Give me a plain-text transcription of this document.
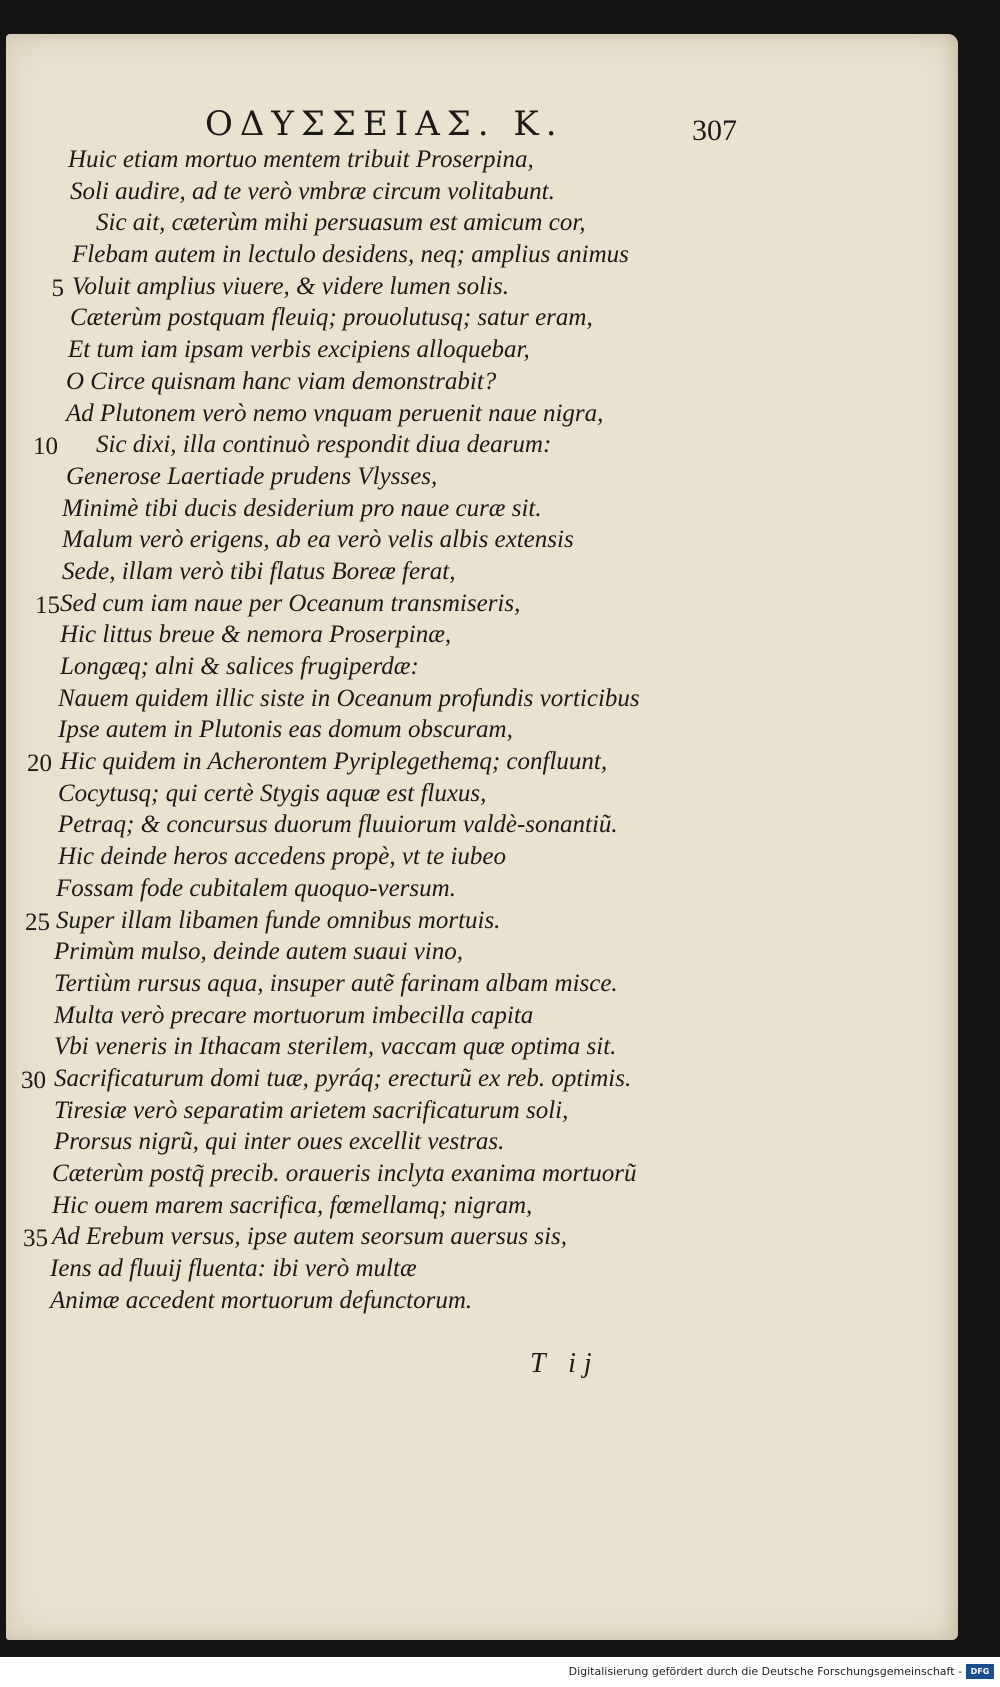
ΟΔΥΣΣΕΙΑΣ. Κ.	307
Huic etiam mortuo mentem tribuit Proserpina,
Soli audire, ad te verò vmbræ circum volitabunt.
Sic ait, cæterùm mihi persuasum est amicum cor,
Flebam autem in lectulo desidens, neq; amplius animus
5 Voluit amplius viuere, & videre lumen solis.
Cæterùm postquam fleuiq; prouolutusq; satur eram,
Et tum iam ipsam verbis excipiens alloquebar,
O Circe quisnam hanc viam demonstrabit?
Ad Plutonem verò nemo vnquam peruenit naue nigra,
10 Sic dixi, illa continuò respondit diua dearum:
Generose Laertiade prudens Vlysses,
Minimè tibi ducis desiderium pro naue curæ sit.
Malum verò erigens, ab ea verò velis albis extensis
Sede, illam verò tibi flatus Boreæ ferat,
15 Sed cum iam naue per Oceanum transmiseris,
Hic littus breue & nemora Proserpinæ,
Longæq; alni & salices frugiperdæ:
Nauem quidem illic siste in Oceanum profundis vorticibus
Ipse autem in Plutonis eas domum obscuram,
20 Hic quidem in Acherontem Pyriplegethemq; confluunt,
Cocytusq; qui certè Stygis aquæ est fluxus,
Petraq; & concursus duorum fluuiorum valdè-sonantiũ.
Hic deinde heros accedens propè, vt te iubeo
Fossam fode cubitalem quoquo-versum.
25 Super illam libamen funde omnibus mortuis.
Primùm mulso, deinde autem suaui vino,
Tertiùm rursus aqua, insuper autẽ farinam albam misce.
Multa verò precare mortuorum imbecilla capita
Vbi veneris in Ithacam sterilem, vaccam quæ optima sit.
30 Sacrificaturum domi tuæ, pyráq; erecturũ ex reb. optimis.
Tiresiæ verò separatim arietem sacrificaturum soli,
Prorsus nigrũ, qui inter oues excellit vestras.
Cæterùm postq̃ precib. oraueris inclyta exanima mortuorũ
Hic ouem marem sacrifica, fœmellamq; nigram,
35 Ad Erebum versus, ipse autem seorsum auersus sis,
Iens ad fluuij fluenta: ibi verò multæ
Animæ accedent mortuorum defunctorum.
T ij
Digitalisierung gefördert durch die Deutsche Forschungsgemeinschaft -	DFG
